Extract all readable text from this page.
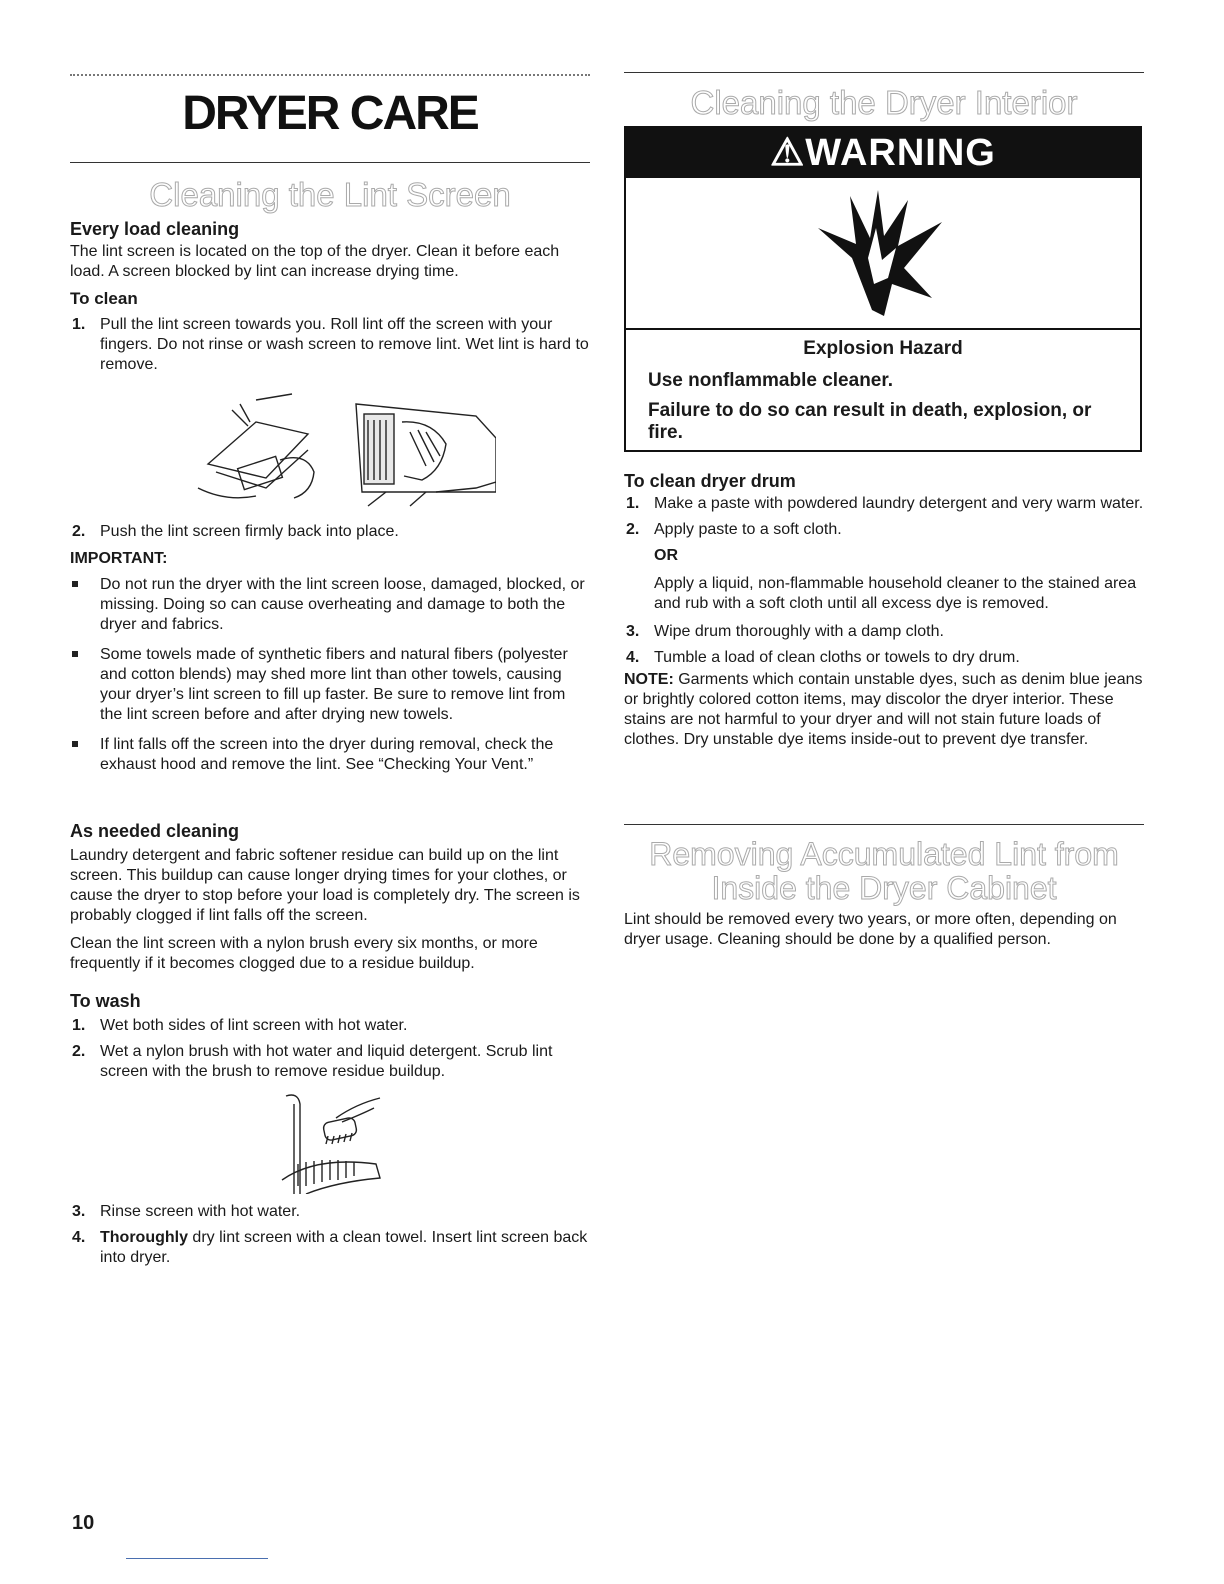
DRYER CARE
Cleaning the Lint Screen
Every load cleaning

The lint screen is located on the top of the dryer. Clean it before each load. A screen blocked by lint can increase drying time.

To clean
1. Pull the lint screen towards you. Roll lint off the screen with your fingers. Do not rinse or wash screen to remove lint. Wet lint is hard to remove.
2. Push the lint screen firmly back into place.
IMPORTANT:
Do not run the dryer with the lint screen loose, damaged, blocked, or missing. Doing so can cause overheating and damage to both the dryer and fabrics.
Some towels made of synthetic fibers and natural fibers (polyester and cotton blends) may shed more lint than other towels, causing your dryer’s lint screen to fill up faster. Be sure to remove lint from the lint screen before and after drying new towels.
If lint falls off the screen into the dryer during removal, check the exhaust hood and remove the lint. See “Checking Your Vent.”
As needed cleaning

Laundry detergent and fabric softener residue can build up on the lint screen. This buildup can cause longer drying times for your clothes, or cause the dryer to stop before your load is completely dry. The screen is probably clogged if lint falls off the screen.

Clean the lint screen with a nylon brush every six months, or more frequently if it becomes clogged due to a residue buildup.

To wash
1. Wet both sides of lint screen with hot water.
2. Wet a nylon brush with hot water and liquid detergent. Scrub lint screen with the brush to remove residue buildup.
3. Rinse screen with hot water.
4. Thoroughly dry lint screen with a clean towel. Insert lint screen back into dryer.
Cleaning the Dryer Interior
⚠WARNING

Explosion Hazard

Use nonflammable cleaner.

Failure to do so can result in death, explosion, or fire.

To clean dryer drum
1. Make a paste with powdered laundry detergent and very warm water.
2. Apply paste to a soft cloth.

OR

Apply a liquid, non-flammable household cleaner to the stained area and rub with a soft cloth until all excess dye is removed.

3. Wipe drum thoroughly with a damp cloth.
4. Tumble a load of clean cloths or towels to dry drum.

NOTE: Garments which contain unstable dyes, such as denim blue jeans or brightly colored cotton items, may discolor the dryer interior. These stains are not harmful to your dryer and will not stain future loads of clothes. Dry unstable dye items inside-out to prevent dye transfer.

Removing Accumulated Lint from
Inside the Dryer Cabinet

Lint should be removed every two years, or more often, depending on dryer usage. Cleaning should be done by a qualified person.

10
